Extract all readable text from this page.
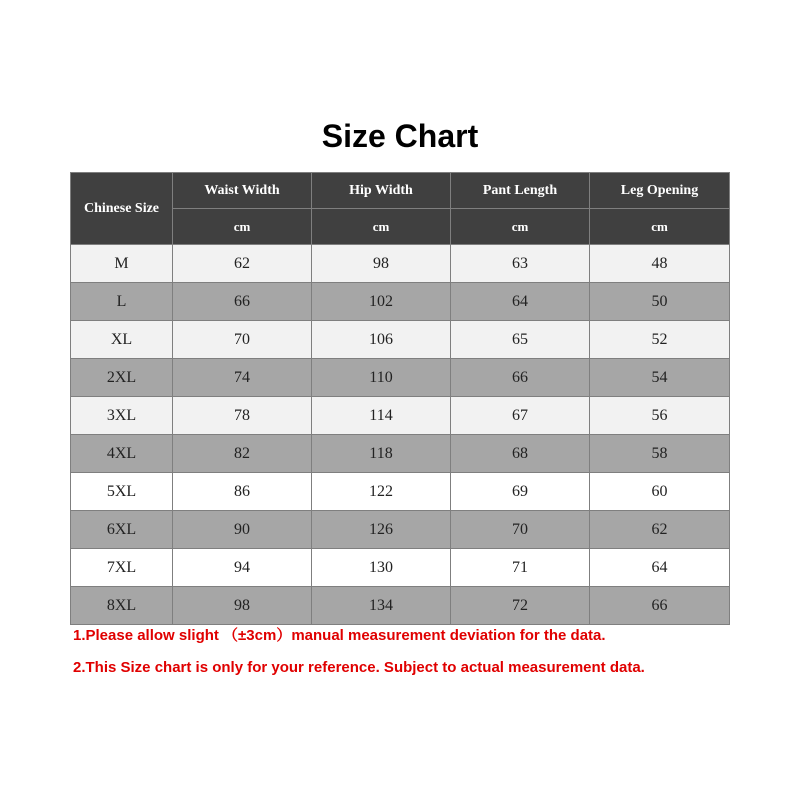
Size Chart
Chinese Size	Waist Width	Hip Width	Pant Length	Leg Opening
	cm	cm	cm	cm
M	62	98	63	48
L	66	102	64	50
XL	70	106	65	52
2XL	74	110	66	54
3XL	78	114	67	56
4XL	82	118	68	58
5XL	86	122	69	60
6XL	90	126	70	62
7XL	94	130	71	64
8XL	98	134	72	66
1.Please allow slight （±3cm）manual measurement deviation for the data.
2.This Size chart is only for your reference. Subject to actual measurement data.
